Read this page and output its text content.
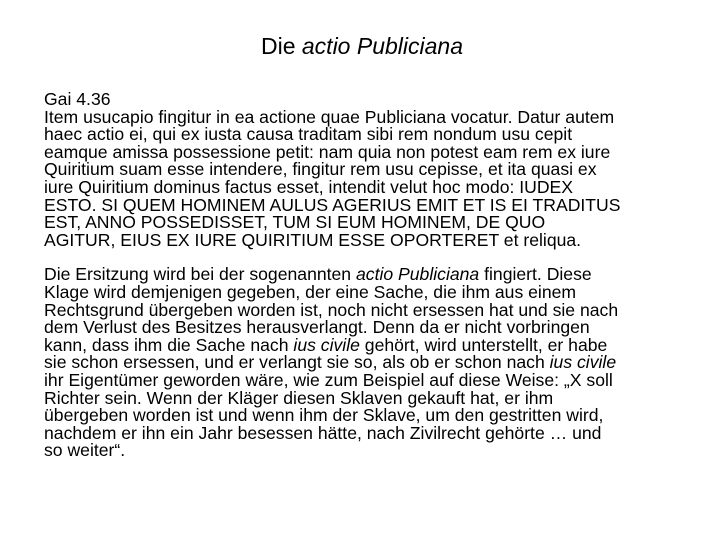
Die actio Publiciana
Gai 4.36
Item usucapio fingitur in ea actione quae Publiciana vocatur. Datur autem
haec actio ei, qui ex iusta causa traditam sibi rem nondum usu cepit
eamque amissa possessione petit: nam quia non potest eam rem ex iure
Quiritium suam esse intendere, fingitur rem usu cepisse, et ita quasi ex
iure Quiritium dominus factus esset, intendit velut hoc modo: IUDEX
ESTO. SI QUEM HOMINEM AULUS AGERIUS EMIT ET IS EI TRADITUS
EST, ANNO POSSEDISSET, TUM SI EUM HOMINEM, DE QUO
AGITUR, EIUS EX IURE QUIRITIUM ESSE OPORTERET et reliqua.
Die Ersitzung wird bei der sogenannten actio Publiciana fingiert. Diese
Klage wird demjenigen gegeben, der eine Sache, die ihm aus einem
Rechtsgrund übergeben worden ist, noch nicht ersessen hat und sie nach
dem Verlust des Besitzes herausverlangt. Denn da er nicht vorbringen
kann, dass ihm die Sache nach ius civile gehört, wird unterstellt, er habe
sie schon ersessen, und er verlangt sie so, als ob er schon nach ius civile
ihr Eigentümer geworden wäre, wie zum Beispiel auf diese Weise: „X soll
Richter sein. Wenn der Kläger diesen Sklaven gekauft hat, er ihm
übergeben worden ist und wenn ihm der Sklave, um den gestritten wird,
nachdem er ihn ein Jahr besessen hätte, nach Zivilrecht gehörte … und
so weiter“.
